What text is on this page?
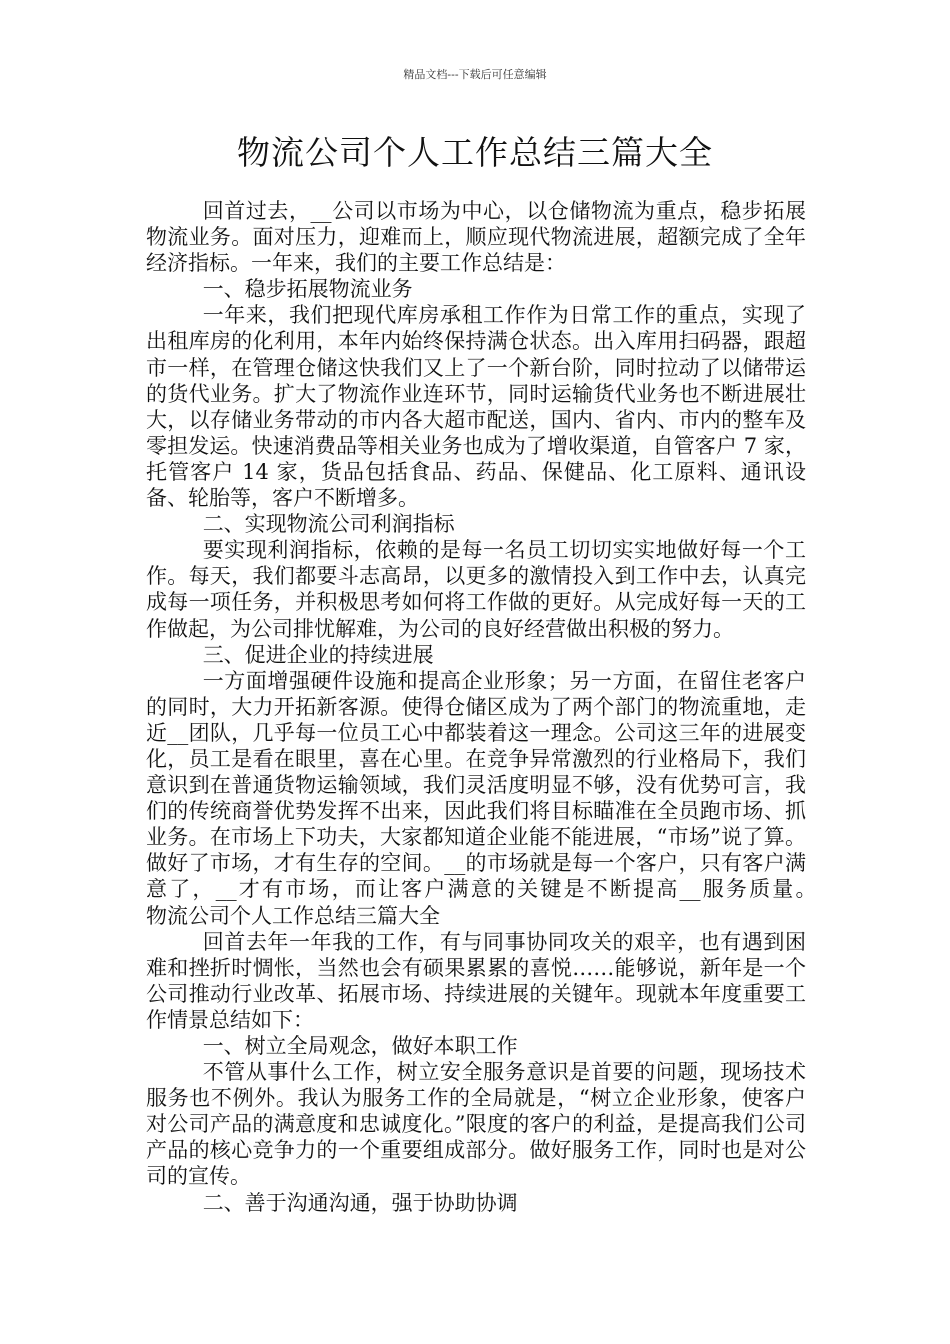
精品文档---下载后可任意编辑
物流公司个人工作总结三篇大全

回首过去，__公司以市场为中心，以仓储物流为重点，稳步拓展物流业务。面对压力，迎难而上，顺应现代物流进展，超额完成了全年经济指标。一年来，我们的主要工作总结是：

一、稳步拓展物流业务

一年来，我们把现代库房承租工作作为日常工作的重点，实现了出租库房的化利用，本年内始终保持满仓状态。出入库用扫码器，跟超市一样，在管理仓储这快我们又上了一个新台阶，同时拉动了以储带运的货代业务。扩大了物流作业连环节，同时运输货代业务也不断进展壮大，以存储业务带动的市内各大超市配送，国内、省内、市内的整车及零担发运。快速消费品等相关业务也成为了增收渠道，自管客户 7 家，托管客户 14 家，货品包括食品、药品、保健品、化工原料、通讯设备、轮胎等，客户不断增多。

二、实现物流公司利润指标

要实现利润指标，依赖的是每一名员工切切实实地做好每一个工作。每天，我们都要斗志高昂，以更多的激情投入到工作中去，认真完成每一项任务，并积极思考如何将工作做的更好。从完成好每一天的工作做起，为公司排忧解难，为公司的良好经营做出积极的努力。

三、促进企业的持续进展

一方面增强硬件设施和提高企业形象；另一方面，在留住老客户的同时，大力开拓新客源。使得仓储区成为了两个部门的物流重地，走近__团队，几乎每一位员工心中都装着这一理念。公司这三年的进展变化，员工是看在眼里，喜在心里。在竞争异常激烈的行业格局下，我们意识到在普通货物运输领域，我们灵活度明显不够，没有优势可言，我们的传统商誉优势发挥不出来，因此我们将目标瞄准在全员跑市场、抓业务。在市场上下功夫，大家都知道企业能不能进展，“市场”说了算。做好了市场，才有生存的空间。__的市场就是每一个客户，只有客户满意了，__才有市场，而让客户满意的关键是不断提高__服务质量。　　物流公司个人工作总结三篇大全

回首去年一年我的工作，有与同事协同攻关的艰辛，也有遇到困难和挫折时惆怅，当然也会有硕果累累的喜悦……能够说，新年是一个公司推动行业改革、拓展市场、持续进展的关键年。现就本年度重要工作情景总结如下：

一、树立全局观念，做好本职工作

不管从事什么工作，树立安全服务意识是首要的问题，现场技术服务也不例外。我认为服务工作的全局就是，“树立企业形象，使客户对公司产品的满意度和忠诚度化。”限度的客户的利益，是提高我们公司产品的核心竞争力的一个重要组成部分。做好服务工作，同时也是对公司的宣传。

二、善于沟通沟通，强于协助协调
